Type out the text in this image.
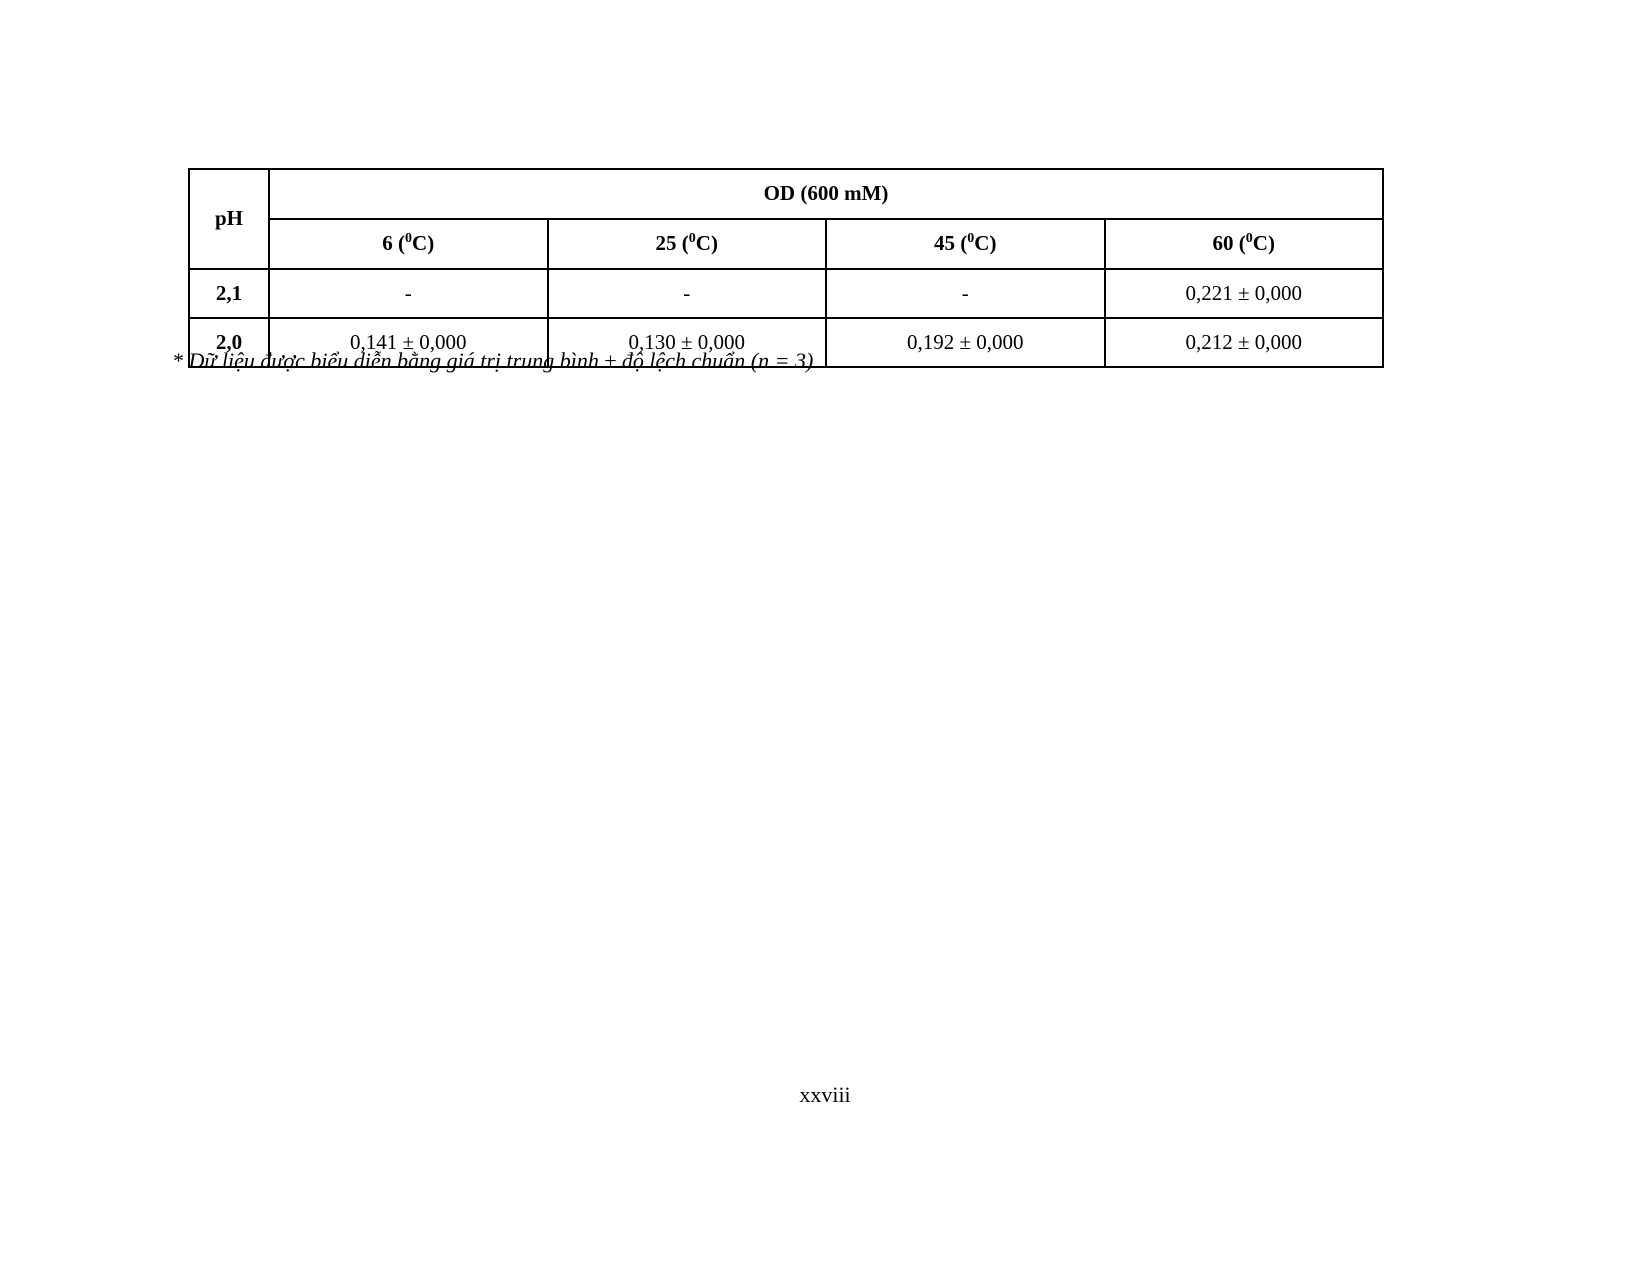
pH	OD (600 mM)			
	6 ($^0$C)	25 ($^0$C)	45 ($^0$C)	60 ($^0$C)
2,1	-	-	-	0,221 ± 0,000
2,0	0,141 ± 0,000	0,130 ± 0,000	0,192 ± 0,000	0,212 ± 0,000
* Dữ liệu được biểu diễn bằng giá trị trung bình ± độ lệch chuẩn (n = 3)
xxviii
